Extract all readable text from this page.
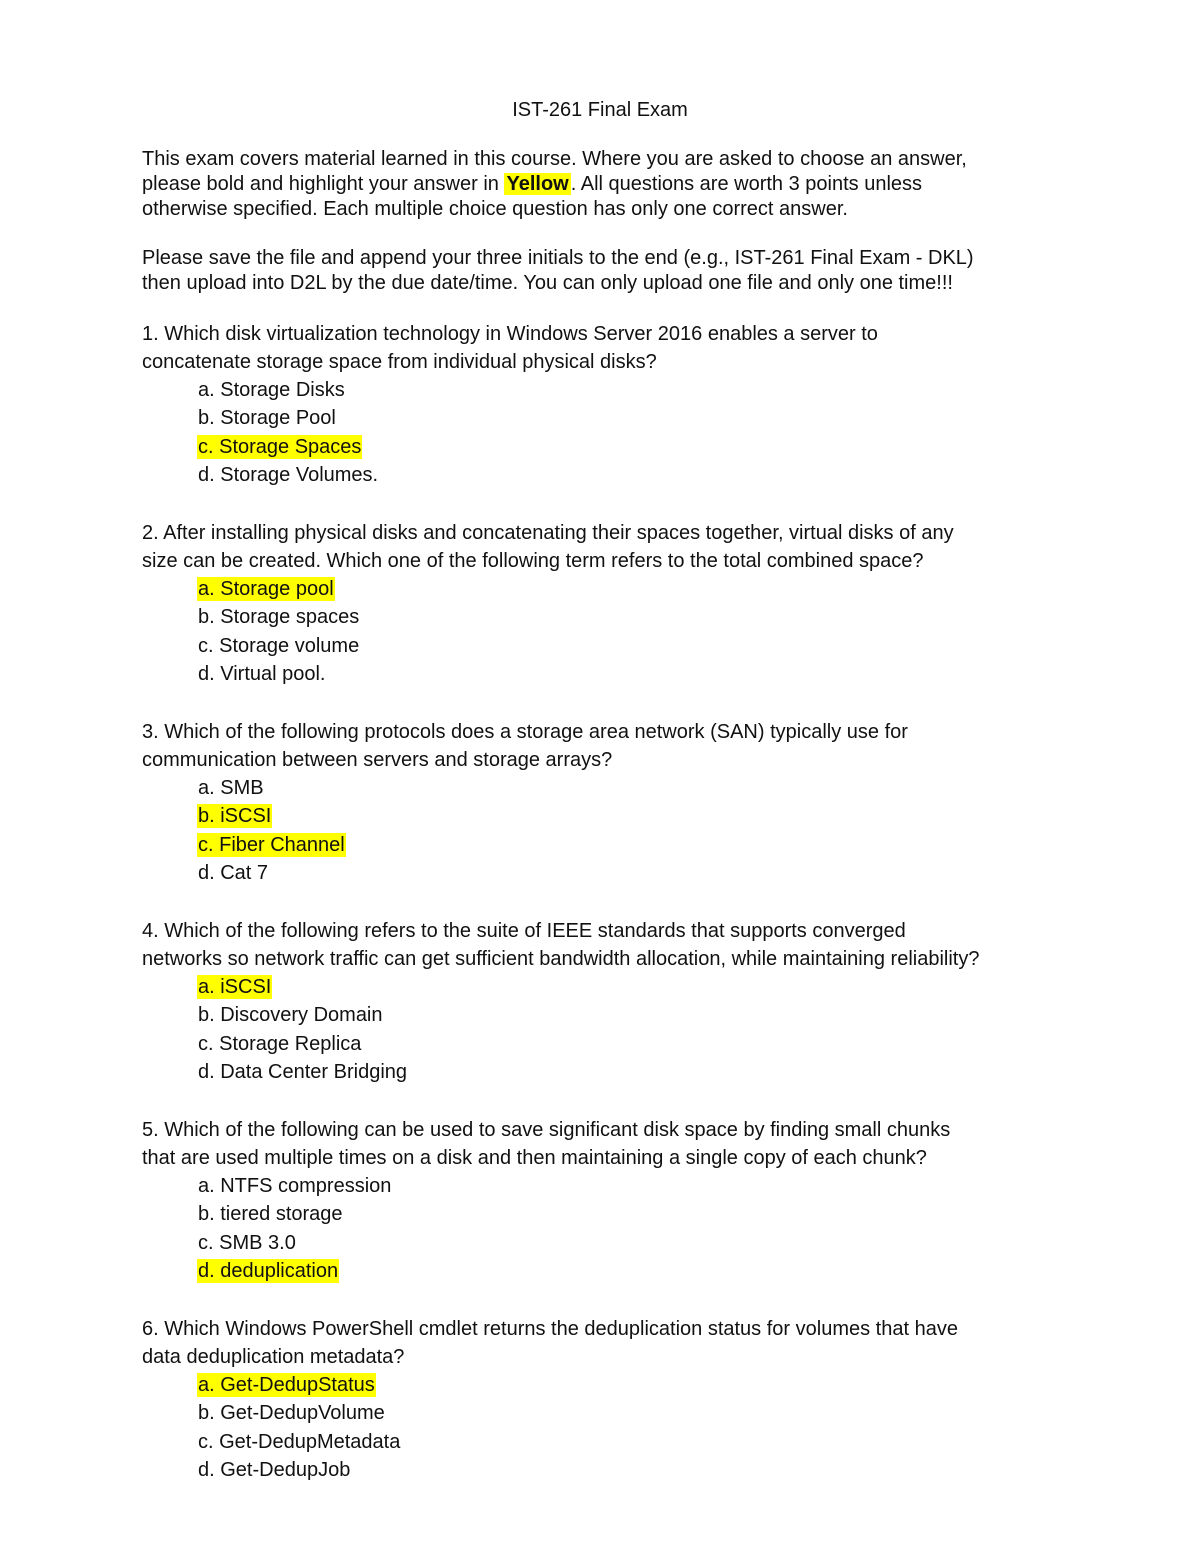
IST-261 Final Exam
This exam covers material learned in this course. Where you are asked to choose an answer,
please bold and highlight your answer in Yellow . All questions are worth 3 points unless
otherwise specified. Each multiple choice question has only one correct answer.
Please save the file and append your three initials to the end (e.g., IST-261 Final Exam - DKL)
then upload into D2L by the due date/time. You can only upload one file and only one time!!!
1. Which disk virtualization technology in Windows Server 2016 enables a server to
concatenate storage space from individual physical disks?
a. Storage Disks
b. Storage Pool
c. Storage Spaces
d. Storage Volumes.
2. After installing physical disks and concatenating their spaces together, virtual disks of any
size can be created. Which one of the following term refers to the total combined space?
a. Storage pool
b. Storage spaces
c. Storage volume
d. Virtual pool.
3. Which of the following protocols does a storage area network (SAN) typically use for
communication between servers and storage arrays?
a. SMB
b. iSCSI
c. Fiber Channel
d. Cat 7
4. Which of the following refers to the suite of IEEE standards that supports converged
networks so network traffic can get sufficient bandwidth allocation, while maintaining reliability?
a. iSCSI
b. Discovery Domain
c. Storage Replica
d. Data Center Bridging
5. Which of the following can be used to save significant disk space by finding small chunks
that are used multiple times on a disk and then maintaining a single copy of each chunk?
a. NTFS compression
b. tiered storage
c. SMB 3.0
d. deduplication
6. Which Windows PowerShell cmdlet returns the deduplication status for volumes that have
data deduplication metadata?
a. Get-DedupStatus
b. Get-DedupVolume
c. Get-DedupMetadata
d. Get-DedupJob
